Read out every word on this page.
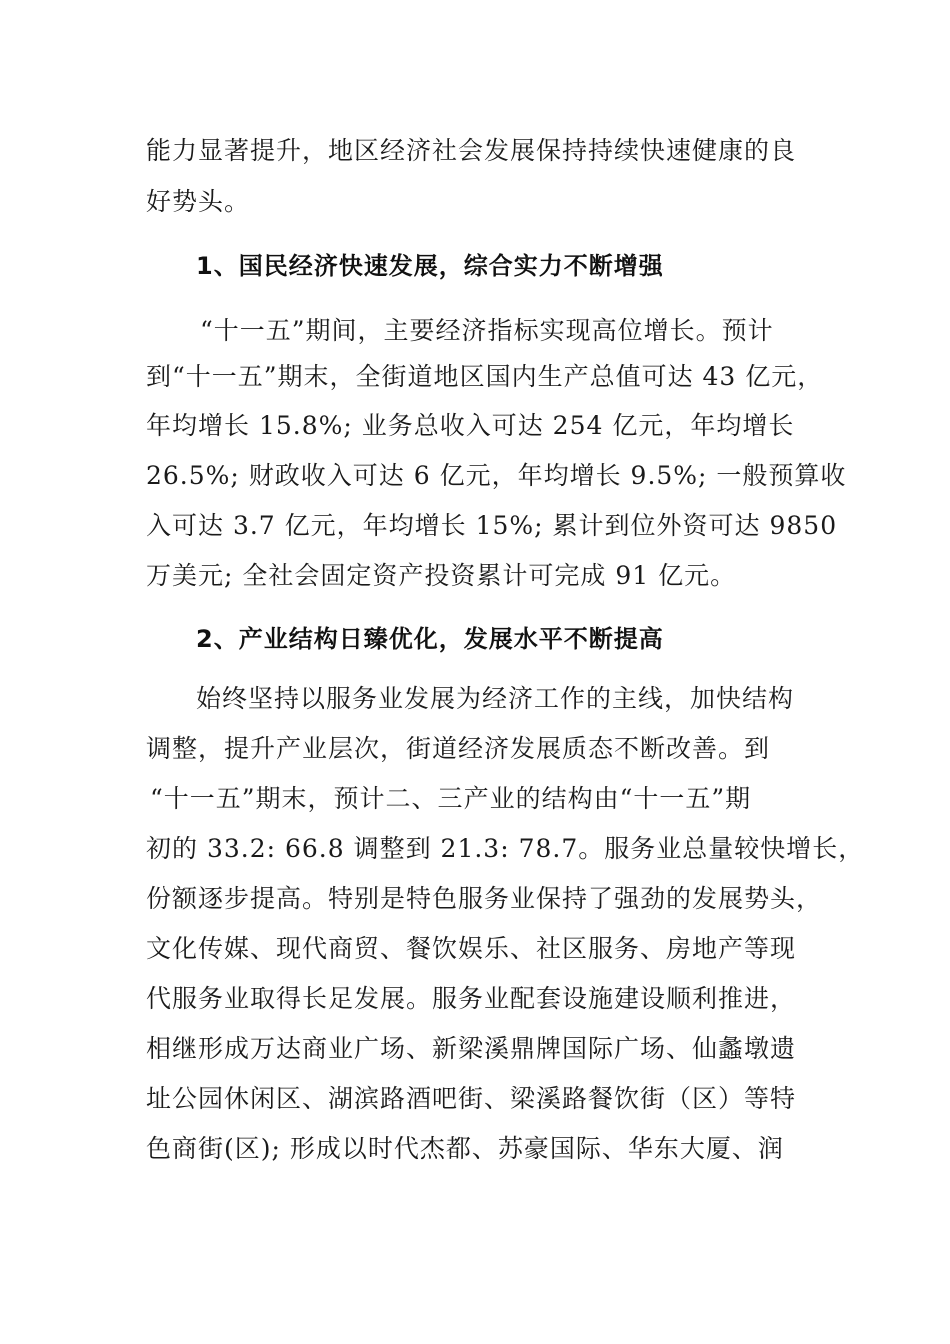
能力显著提升，地区经济社会发展保持持续快速健康的良
好势头。
1、国民经济快速发展，综合实力不断增强
“十一五”期间，主要经济指标实现高位增长。预计
到“十一五”期末，全街道地区国内生产总值可达 43 亿元，
年均增长 15.8%; 业务总收入可达 254 亿元，年均增长
26.5%; 财政收入可达 6 亿元，年均增长 9.5%; 一般预算收
入可达 3.7 亿元，年均增长 15%; 累计到位外资可达 9850
万美元; 全社会固定资产投资累计可完成 91 亿元。
2、产业结构日臻优化，发展水平不断提高
始终坚持以服务业发展为经济工作的主线，加快结构
调整，提升产业层次，街道经济发展质态不断改善。到
“十一五”期末，预计二、三产业的结构由“十一五”期
初的 33.2: 66.8 调整到 21.3: 78.7。服务业总量较快增长，
份额逐步提高。特别是特色服务业保持了强劲的发展势头，
文化传媒、现代商贸、餐饮娱乐、社区服务、房地产等现
代服务业取得长足发展。服务业配套设施建设顺利推进，
相继形成万达商业广场、新梁溪鼎牌国际广场、仙蠡墩遗
址公园休闲区、湖滨路酒吧街、梁溪路餐饮街（区）等特
色商街(区); 形成以时代杰都、苏豪国际、华东大厦、润
